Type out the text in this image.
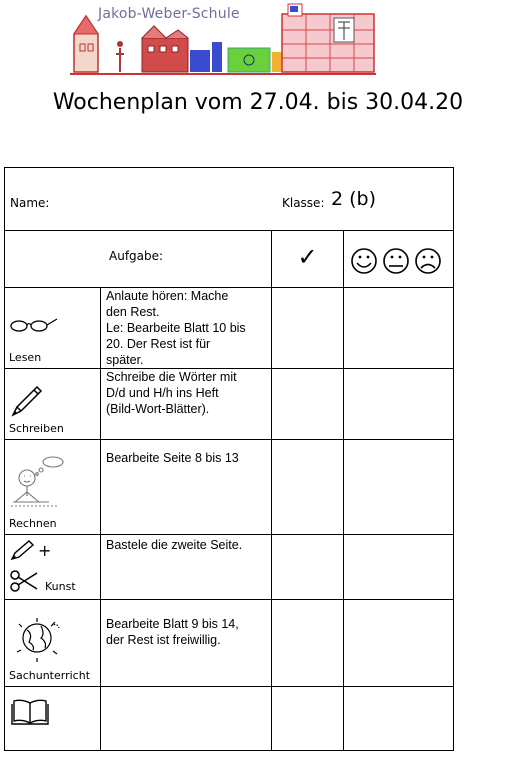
Jakob-Weber-Schule
Wochenplan vom 27.04. bis 30.04.20
Name: Klasse: 2 (b)			

Aufgabe:		✓

Lesen	Anlaute hören: Mache
den Rest.
Le: Bearbeite Blatt 10 bis
20. Der Rest ist für
später.		

Schreiben	Schreibe die Wörter mit
D/d und H/h ins Heft
(Bild-Wort-Blätter).		

Rechnen	Bearbeite Seite 8 bis 13		

+
Kunst	Bastele die zweite Seite.		

Sachunterricht	Bearbeite Blatt 9 bis 14,
der Rest ist freiwillig.		
